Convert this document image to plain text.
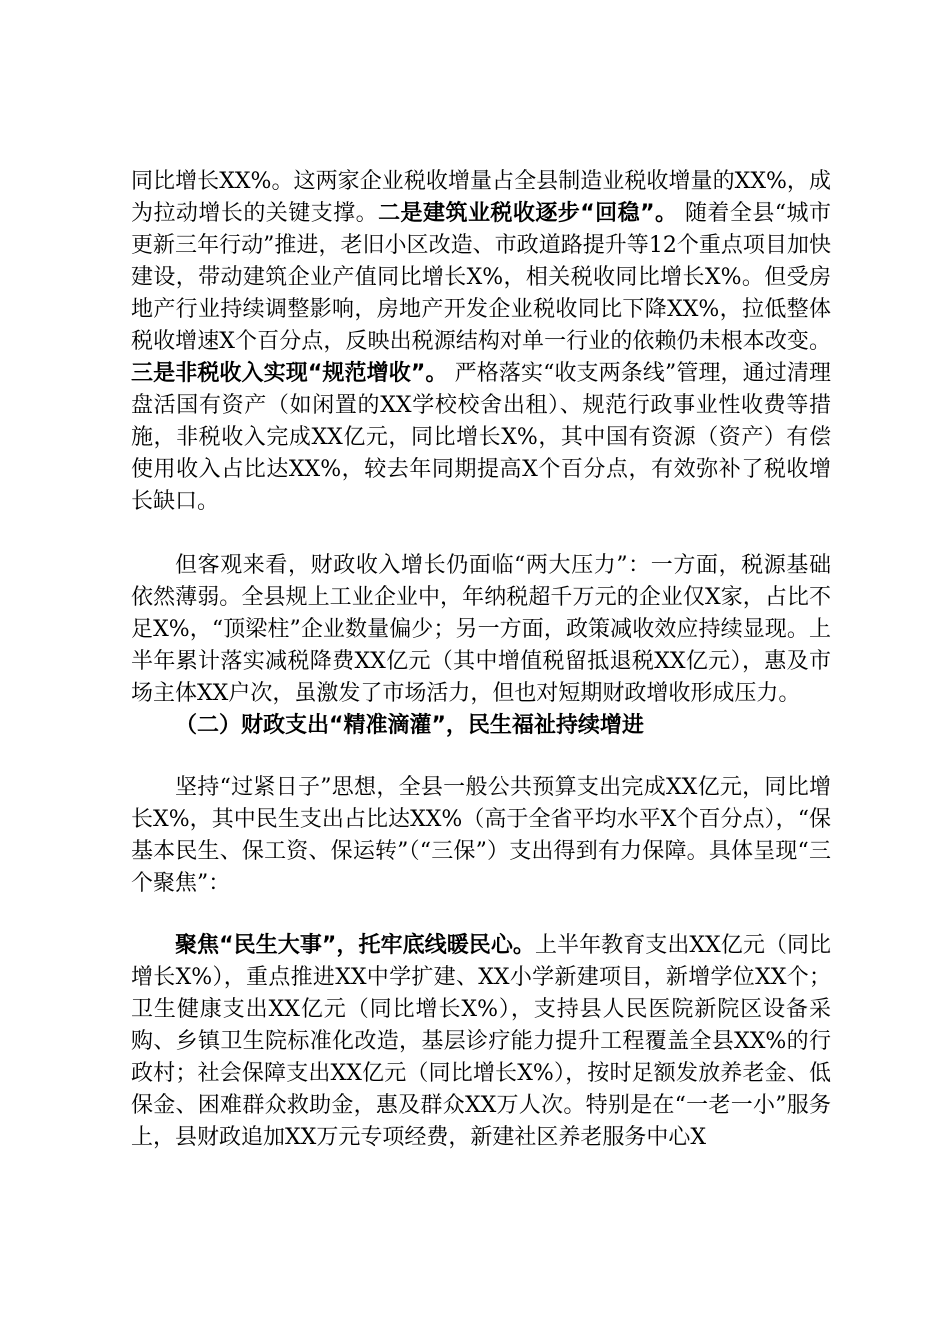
同比增长XX%。这两家企业税收增量占全县制造业税收增量的XX%，成为拉动增长的关键支撑。二是建筑业税收逐步“回稳”。 随着全县“城市更新三年行动”推进，老旧小区改造、市政道路提升等12个重点项目加快建设，带动建筑企业产值同比增长X%，相关税收同比增长X%。但受房地产行业持续调整影响，房地产开发企业税收同比下降XX%，拉低整体税收增速X个百分点，反映出税源结构对单一行业的依赖仍未根本改变。三是非税收入实现“规范增收”。 严格落实“收支两条线”管理，通过清理盘活国有资产（如闲置的XX学校校舍出租）、规范行政事业性收费等措施，非税收入完成XX亿元，同比增长X%，其中国有资源（资产）有偿使用收入占比达XX%，较去年同期提高X个百分点，有效弥补了税收增长缺口。

但客观来看，财政收入增长仍面临“两大压力”：一方面，税源基础依然薄弱。全县规上工业企业中，年纳税超千万元的企业仅X家，占比不足X%，“顶梁柱”企业数量偏少；另一方面，政策减收效应持续显现。上半年累计落实减税降费XX亿元（其中增值税留抵退税XX亿元），惠及市场主体XX户次，虽激发了市场活力，但也对短期财政增收形成压力。

（二）财政支出“精准滴灌”，民生福祉持续增进

坚持“过紧日子”思想，全县一般公共预算支出完成XX亿元，同比增长X%，其中民生支出占比达XX%（高于全省平均水平X个百分点），“保基本民生、保工资、保运转”（“三保”）支出得到有力保障。具体呈现“三个聚焦”：

聚焦“民生大事”，托牢底线暖民心。上半年教育支出XX亿元（同比增长X%），重点推进XX中学扩建、XX小学新建项目，新增学位XX个；卫生健康支出XX亿元（同比增长X%），支持县人民医院新院区设备采购、乡镇卫生院标准化改造，基层诊疗能力提升工程覆盖全县XX%的行政村；社会保障支出XX亿元（同比增长X%），按时足额发放养老金、低保金、困难群众救助金，惠及群众XX万人次。特别是在“一老一小”服务上，县财政追加XX万元专项经费，新建社区养老服务中心X
